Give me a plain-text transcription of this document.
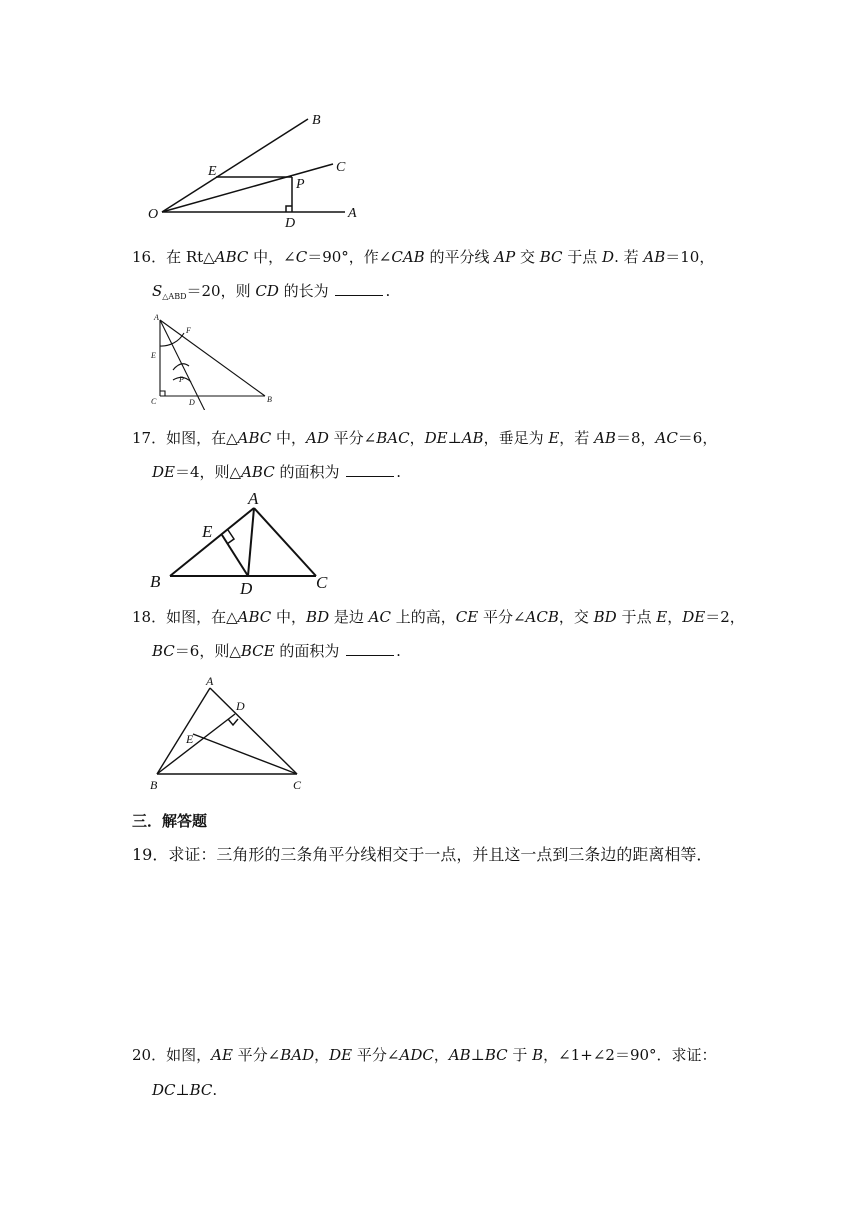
B
C
E
P
O
D
A
16．在 Rt△ABC 中，∠C＝90°，作∠CAB 的平分线 AP 交 BC 于点 D. 若 AB＝10，
$S_{\triangle ABD}=20$，则 CD 的长为	.
A
F
E
P
C	D	B
17．如图，在△ABC 中，AD 平分∠BAC，DE⊥AB，垂足为 E，若 AB＝8，AC＝6，
DE＝4，则△ABC 的面积为	.
A
E
B	D	C
18．如图，在△ABC 中，BD 是边 AC 上的高，CE 平分∠ACB，交 BD 于点 E，DE＝2，
BC＝6，则△BCE 的面积为	.
A
D
E
B	C
三．解答题
19．求证：三角形的三条角平分线相交于一点，并且这一点到三条边的距离相等．
20．如图，AE 平分∠BAD，DE 平分∠ADC，AB⊥BC 于 B，∠1+∠2＝90°．求证：
DC⊥BC.
